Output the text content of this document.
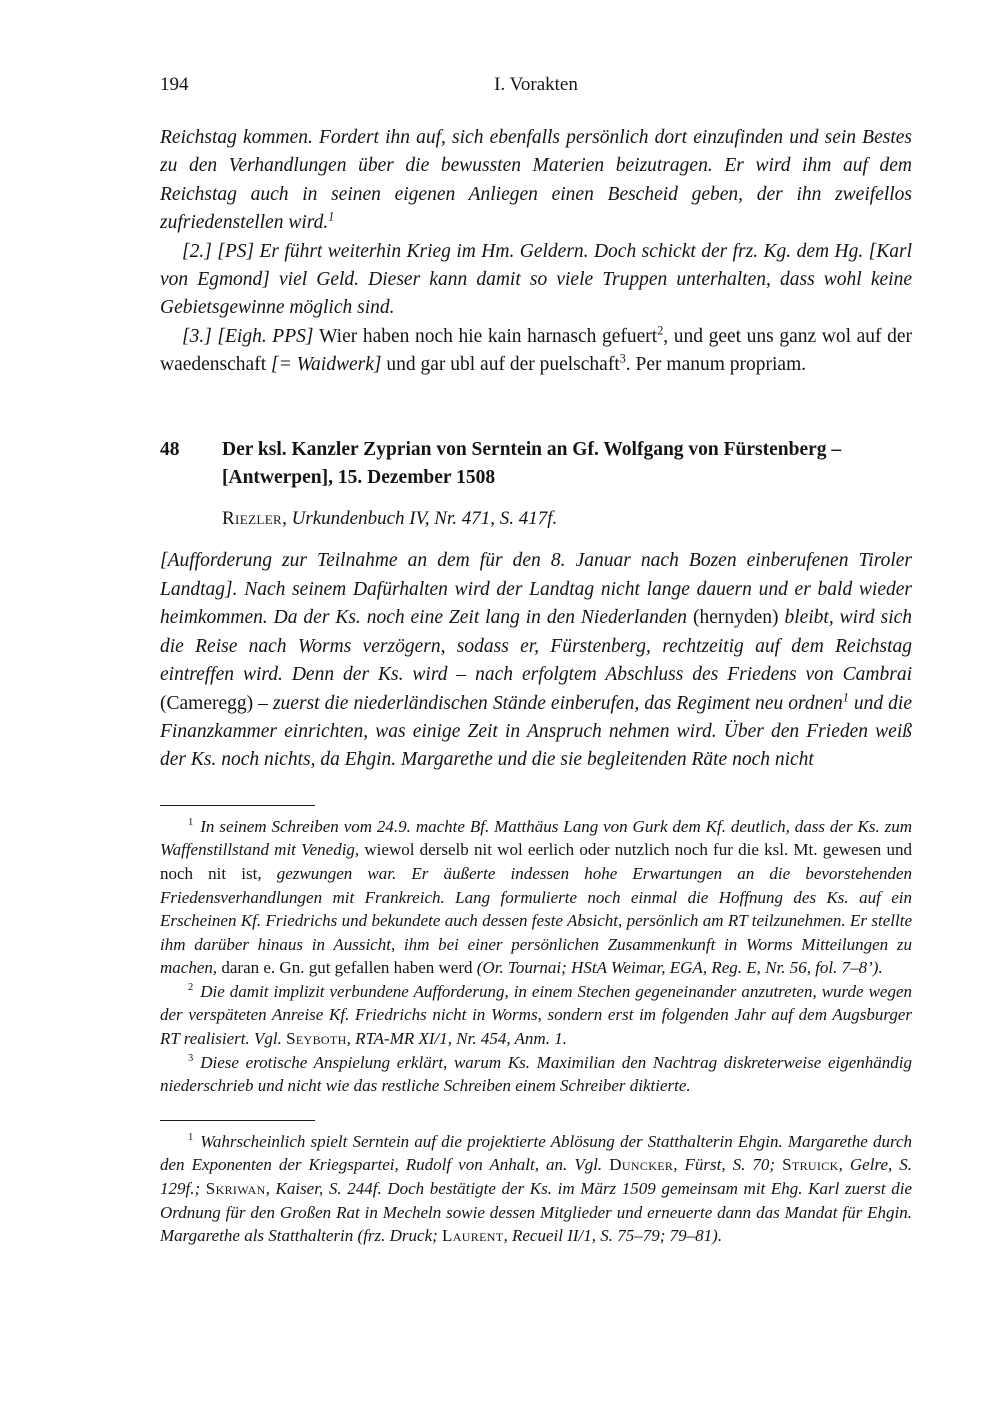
194	I. Vorakten

Reichstag kommen. Fordert ihn auf, sich ebenfalls persönlich dort einzufinden und sein Bestes zu den Verhandlungen über die bewussten Materien beizutragen. Er wird ihm auf dem Reichstag auch in seinen eigenen Anliegen einen Bescheid geben, der ihn zweifellos zufriedenstellen wird.$^1$

[2.] [PS] Er führt weiterhin Krieg im Hm. Geldern. Doch schickt der frz. Kg. dem Hg. [Karl von Egmond] viel Geld. Dieser kann damit so viele Truppen unterhalten, dass wohl keine Gebietsgewinne möglich sind.

[3.] [Eigh. PPS] Wier haben noch hie kain harnasch gefuert$^2$, und geet uns ganz wol auf der waedenschaft [= Waidwerk] und gar ubl auf der puelschaft$^3$. Per manum propriam.

48	Der ksl. Kanzler Zyprian von Serntein an Gf. Wolfgang von Fürstenberg – [Antwerpen], 15. Dezember 1508

Riezler, Urkundenbuch IV, Nr. 471, S. 417f.

[Aufforderung zur Teilnahme an dem für den 8. Januar nach Bozen einberufenen Tiroler Landtag]. Nach seinem Dafürhalten wird der Landtag nicht lange dauern und er bald wieder heimkommen. Da der Ks. noch eine Zeit lang in den Niederlanden (hernyden) bleibt, wird sich die Reise nach Worms verzögern, sodass er, Fürstenberg, rechtzeitig auf dem Reichstag eintreffen wird. Denn der Ks. wird – nach erfolgtem Abschluss des Friedens von Cambrai (Cameregg) – zuerst die niederländischen Stände einberufen, das Regiment neu ordnen$^1$ und die Finanzkammer einrichten, was einige Zeit in Anspruch nehmen wird. Über den Frieden weiß der Ks. noch nichts, da Ehgin. Margarethe und die sie begleitenden Räte noch nicht

$^1$ In seinem Schreiben vom 24.9. machte Bf. Matthäus Lang von Gurk dem Kf. deutlich, dass der Ks. zum Waffenstillstand mit Venedig, wiewol derselb nit wol eerlich oder nutzlich noch fur die ksl. Mt. gewesen und noch nit ist, gezwungen war. Er äußerte indessen hohe Erwartungen an die bevorstehenden Friedensverhandlungen mit Frankreich. Lang formulierte noch einmal die Hoffnung des Ks. auf ein Erscheinen Kf. Friedrichs und bekundete auch dessen feste Absicht, persönlich am RT teilzunehmen. Er stellte ihm darüber hinaus in Aussicht, ihm bei einer persönlichen Zusammenkunft in Worms Mitteilungen zu machen, daran e. Gn. gut gefallen haben werd (Or. Tournai; HStA Weimar, EGA, Reg. E, Nr. 56, fol. 7–8’).

$^2$ Die damit implizit verbundene Aufforderung, in einem Stechen gegeneinander anzutreten, wurde wegen der verspäteten Anreise Kf. Friedrichs nicht in Worms, sondern erst im folgenden Jahr auf dem Augsburger RT realisiert. Vgl. Seyboth, RTA-MR XI/1, Nr. 454, Anm. 1.

$^3$ Diese erotische Anspielung erklärt, warum Ks. Maximilian den Nachtrag diskreterweise eigenhändig niederschrieb und nicht wie das restliche Schreiben einem Schreiber diktierte.

$^1$ Wahrscheinlich spielt Serntein auf die projektierte Ablösung der Statthalterin Ehgin. Margarethe durch den Exponenten der Kriegspartei, Rudolf von Anhalt, an. Vgl. Duncker, Fürst, S. 70; Struick, Gelre, S. 129f.; Skriwan, Kaiser, S. 244f. Doch bestätigte der Ks. im März 1509 gemeinsam mit Ehg. Karl zuerst die Ordnung für den Großen Rat in Mecheln sowie dessen Mitglieder und erneuerte dann das Mandat für Ehgin. Margarethe als Statthalterin (frz. Druck; Laurent, Recueil II/1, S. 75–79; 79–81).
